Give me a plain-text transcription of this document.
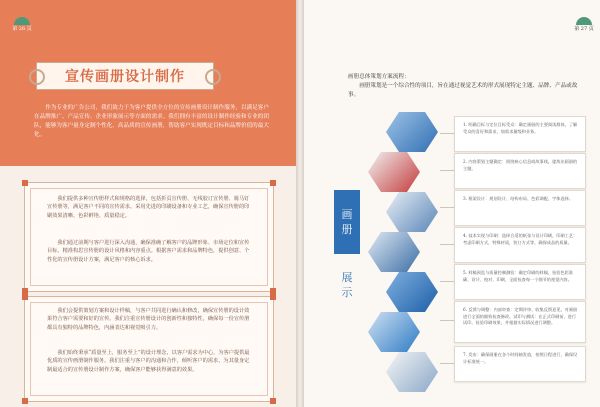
第 26 页
宣传画册设计制作
作为专业的广告公司，我们致力于为客户提供全方位的宣传画册设计制作服务，以满足客户在品牌推广、产品宣传、企业形象展示等方面的需求。我们拥有丰富的设计制作经验和专业的团队，能够为客户量身定制个性化、高品质的宣传画册，帮助客户实现既定目标和品牌价值的最大化。

我们提供多种宣传册样式和规格的选择，包括折页宣传册、无线胶订宣传册、骑马钉宣传册等，满足客户不同的宣传需求。采用先进的印刷设备和专业工艺，确保宣传册的印刷效果清晰、色彩鲜艳、质量稳定。

我们通过前期与客户进行深入沟通，确保准确了解客户的品牌形象、市场定位和宣传目标，精准构思宣传册的设计风格和内容重点。根据客户需求和品牌特色，提供创意、个性化的宣传册设计方案，满足客户的核心诉求。

我们会提供策划方案和设计样稿，与客户共同进行确认和修改，确保宣传册的设计效果符合客户需要和好的宣传。我们注重宣传册设计的创新性和独特性，确保每一份宣传册都具有独特的品牌特色，内涵表达和视觉吸引力。

我们始终秉承“质量至上，服务至上”的设计理念，以客户需求为中心，为客户提供最优质的宣传画册制作服务。我们注重与客户的沟通和合作，倾听客户的需求，为其量身定制最适合的宣传册设计制作方案，确保客户能够获得满意的效果。

第 27 页
画册总体策划方案流程：
画册策划是一个综合性的项目，旨在通过视觉艺术的形式展现特定主题、品牌、产品或故事。
画
册
展
示
1. 明确目标与定位目标受众：确定画册的主要阅读群体，了解受众的喜好和需求，如需求量级和业务。
2. 内容策划主题确定：围绕核心信息或故事线，提炼出画册的主题。
3. 框架设计：规划设计、结构布局、色彩调配、字体选择。
4. 技术实现与印刷：选择合适的纸张与设计印刷，印刷工艺：考虑印刷方式，特殊材质，装订方式等，确保成品的质量。
5. 样稿预览与质量控制测验：确定印刷的样稿，检验色彩准确、设计、校对、印刷，全面检查每一个细节的视觉内容。
6. 反馈与调整：内部审查：定期评审、收集反馈意见，对画册进行全面的细致检查修改。试印与测试：在正式印刷前，进行试印，检验印刷效果，并根据实际情况进行调整。
7. 发布：确保画册在各个时间轴发放，按照日程进行，确保设计标准统一。
